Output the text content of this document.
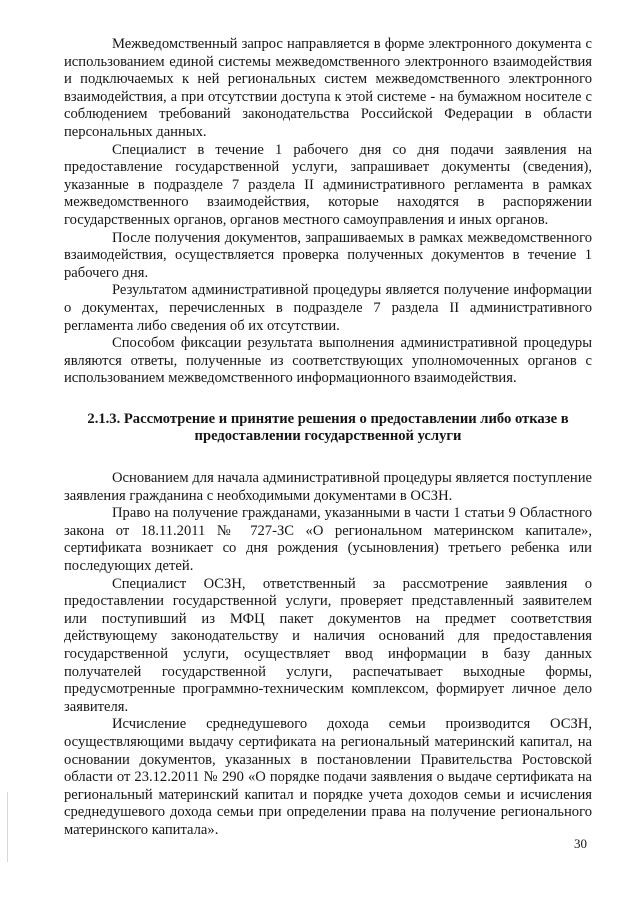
Межведомственный запрос направляется в форме электронного документа с использованием единой системы межведомственного электронного взаимодействия и подключаемых к ней региональных систем межведомственного электронного взаимодействия, а при отсутствии доступа к этой системе - на бумажном носителе с соблюдением требований законодательства Российской Федерации в области персональных данных.

Специалист в течение 1 рабочего дня со дня подачи заявления на предоставление государственной услуги, запрашивает документы (сведения), указанные в подразделе 7 раздела II административного регламента в рамках межведомственного взаимодействия, которые находятся в распоряжении государственных органов, органов местного самоуправления и иных органов.

После получения документов, запрашиваемых в рамках межведомственного взаимодействия, осуществляется проверка полученных документов в течение 1 рабочего дня.

Результатом административной процедуры является получение информации о документах, перечисленных в подразделе 7 раздела II административного регламента либо сведения об их отсутствии.

Способом фиксации результата выполнения административной процедуры являются ответы, полученные из соответствующих уполномоченных органов с использованием межведомственного информационного взаимодействия.

2.1.3. Рассмотрение и принятие решения о предоставлении либо отказе в
предоставлении государственной услуги

Основанием для начала административной процедуры является поступление заявления гражданина с необходимыми документами в ОСЗН.

Право на получение гражданами, указанными в части 1 статьи 9 Областного закона от 18.11.2011 № 727-ЗС «О региональном материнском капитале», сертификата возникает со дня рождения (усыновления) третьего ребенка или последующих детей.

Специалист ОСЗН, ответственный за рассмотрение заявления о предоставлении государственной услуги, проверяет представленный заявителем или поступивший из МФЦ пакет документов на предмет соответствия действующему законодательству и наличия оснований для предоставления государственной услуги, осуществляет ввод информации в базу данных получателей государственной услуги, распечатывает выходные формы, предусмотренные программно-техническим комплексом, формирует личное дело заявителя.

Исчисление среднедушевого дохода семьи производится ОСЗН, осуществляющими выдачу сертификата на региональный материнский капитал, на основании документов, указанных в постановлении Правительства Ростовской области от 23.12.2011 № 290 «О порядке подачи заявления о выдаче сертификата на региональный материнский капитал и порядке учета доходов семьи и исчисления среднедушевого дохода семьи при определении права на получение регионального материнского капитала».

30
